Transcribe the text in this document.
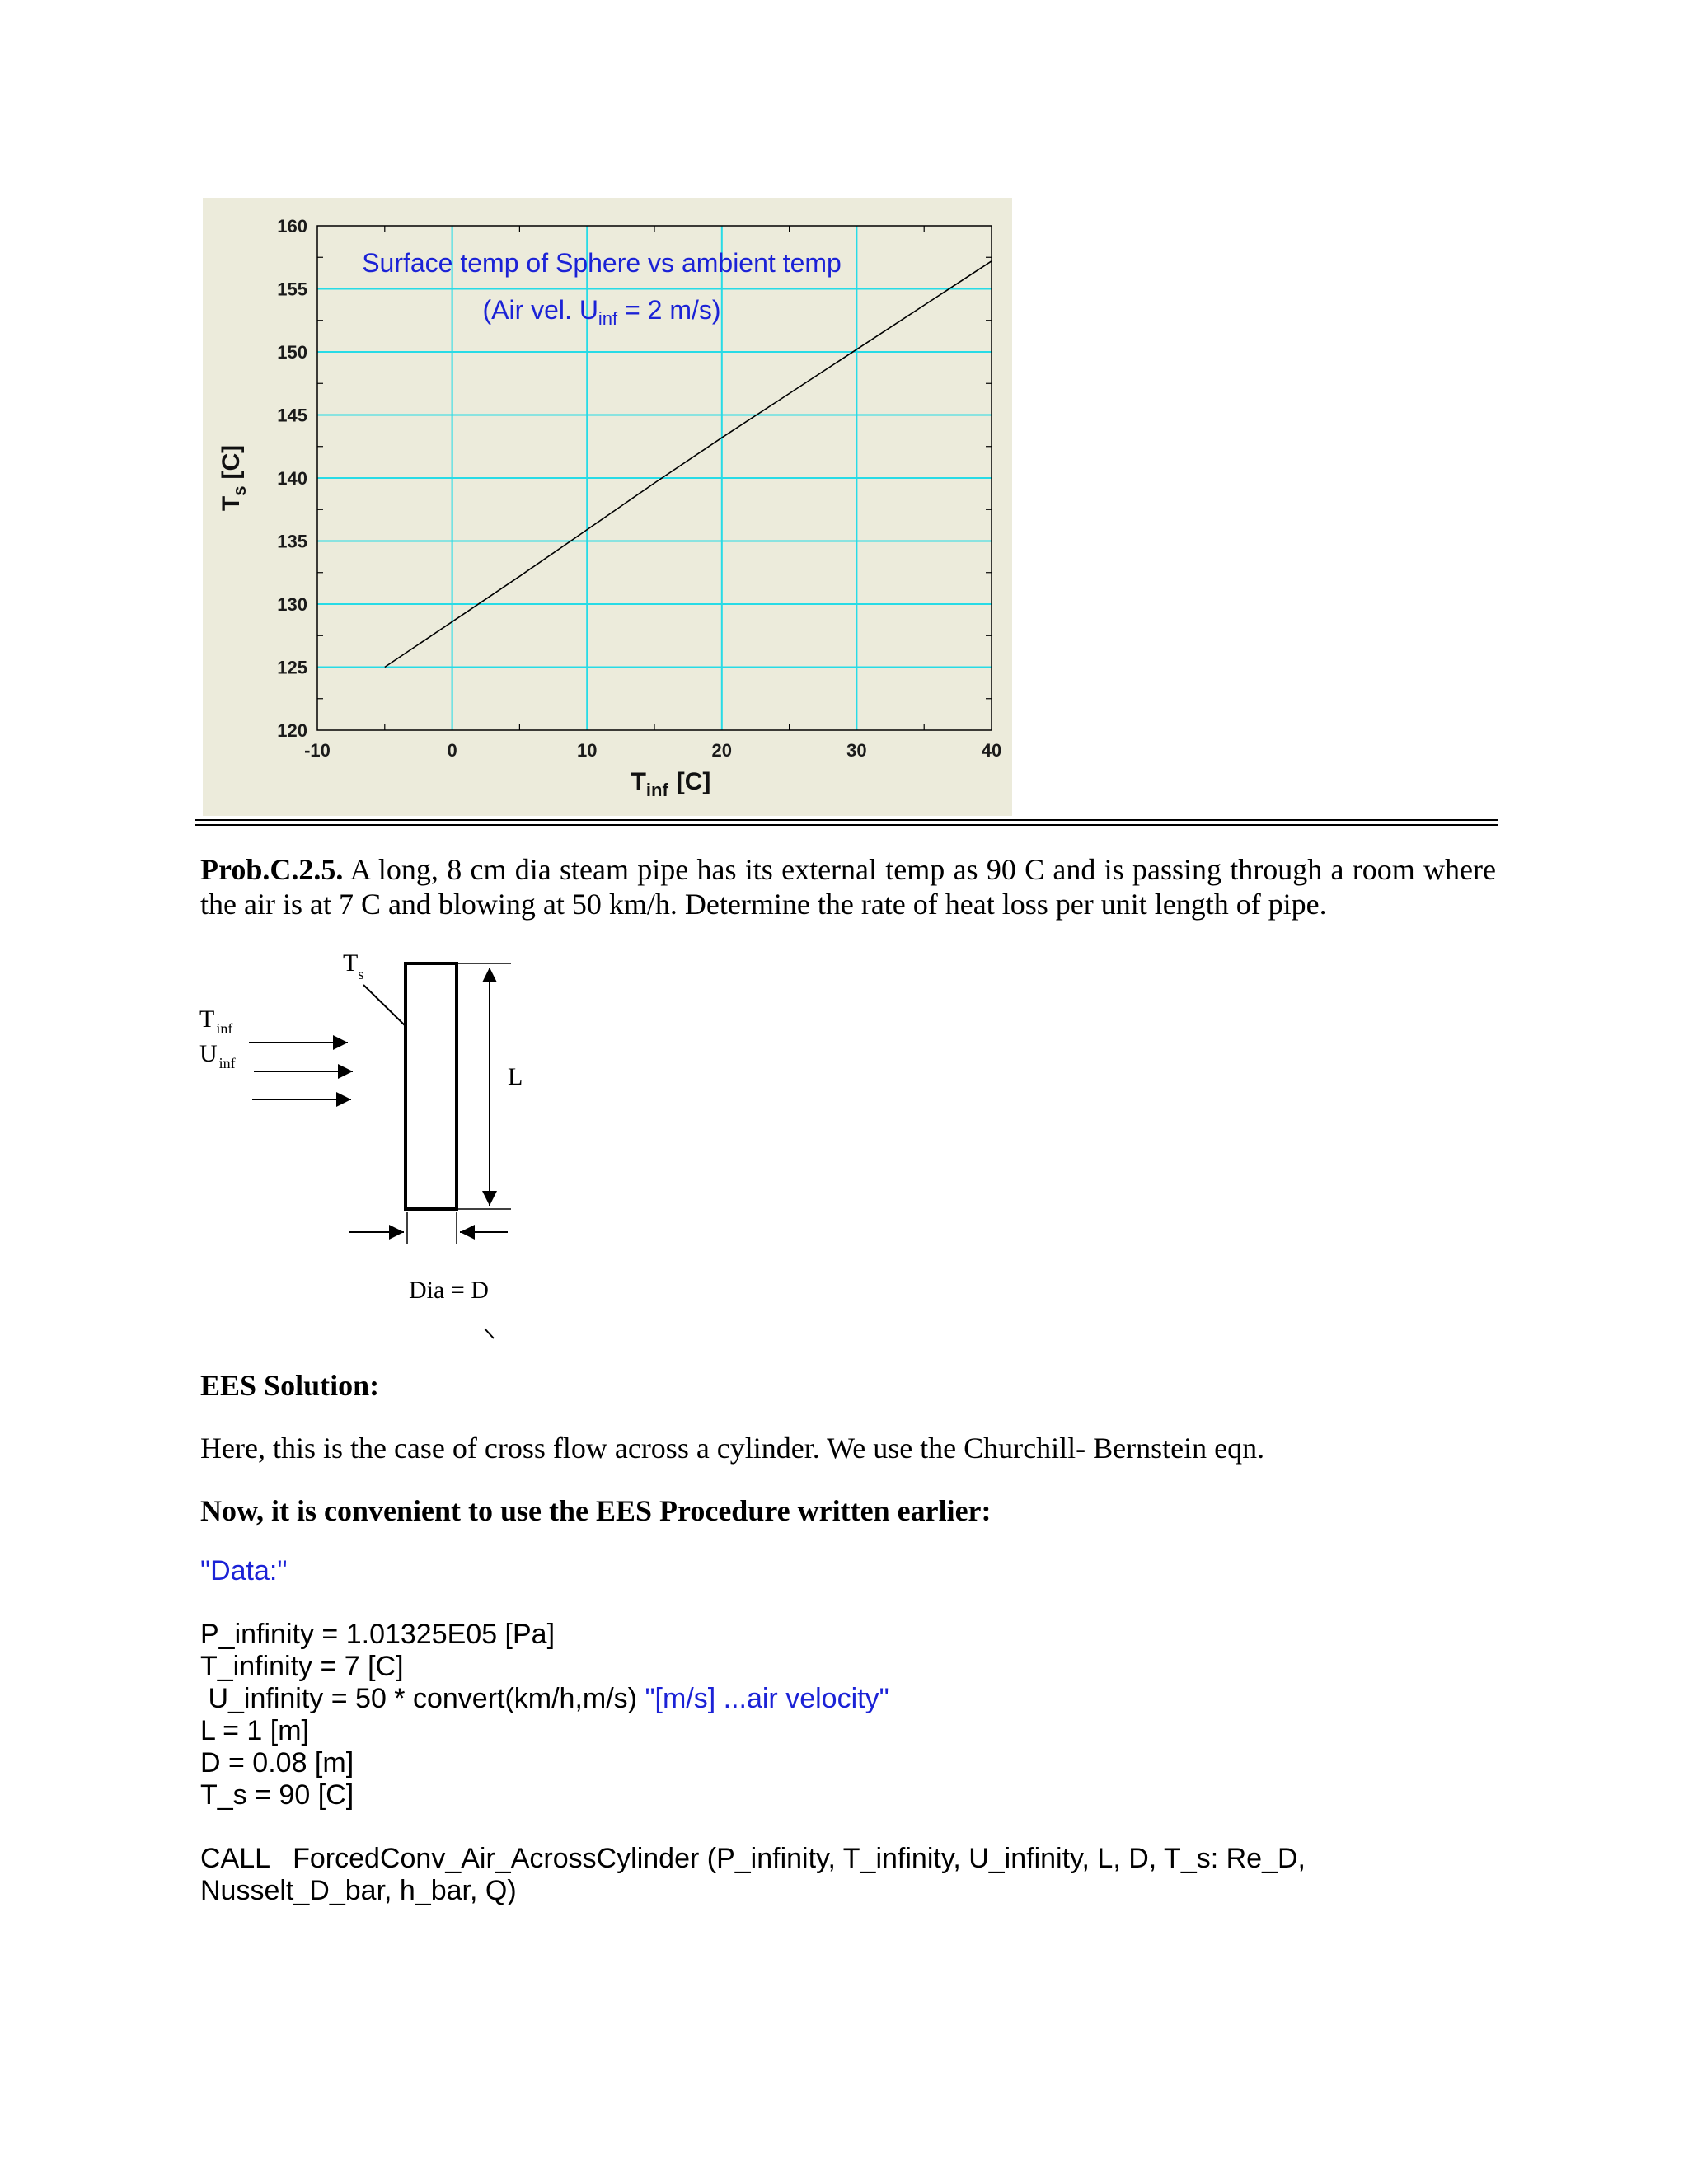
-10	0	10	20	30	40
120
125
130
135
140
145
150
155
160
Surface temp of Sphere vs ambient temp
(Air vel. $U_{inf} = 2$ m/s)
$T_{inf}$ [C]
$T_s[C]$
Prob.C.2.5. A long, 8 cm dia steam pipe has its external temp as 90 C and is passing through a room where the air is at 7 C and blowing at 50 km/h. Determine the rate of heat loss per unit length of pipe.
$T_s$
T $_{inf}$
U $_{inf}$	L
Dia = D
EES Solution:
Here, this is the case of cross flow across a cylinder. We use the Churchill- Bernstein eqn.
Now, it is convenient to use the EES Procedure written earlier:
"Data:"
P_infinity = 1.01325E05 [Pa]
T_infinity = 7 [C]
U_infinity = 50 * convert(km/h,m/s) "[m/s] ...air velocity"
L = 1 [m]
D = 0.08 [m]
T_s = 90 [C]
CALL   ForcedConv_Air_AcrossCylinder (P_infinity, T_infinity, U_infinity, L, D, T_s: Re_D,
Nusselt_D_bar, h_bar, Q)
